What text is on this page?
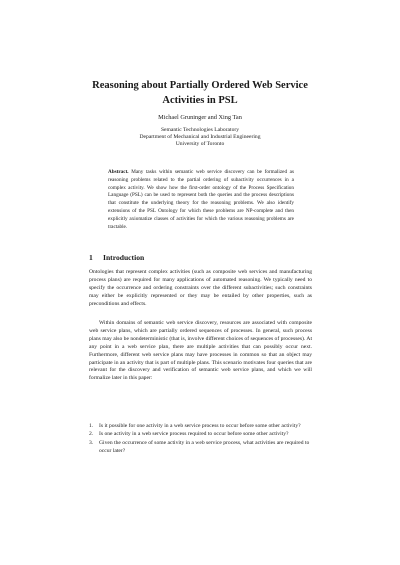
Reasoning about Partially Ordered Web Service
Activities in PSL
Michael Gruninger and Xing Tan
Semantic Technologies Laboratory
Department of Mechanical and Industrial Engineering
University of Toronto
Abstract. Many tasks within semantic web service discovery can be formalized as reasoning problems related to the partial ordering of subactivity occurrences in a complex activity. We show how the first-order ontology of the Process Specification Language (PSL) can be used to represent both the queries and the process descriptions that constitute the underlying theory for the reasoning problems. We also identify extensions of the PSL Ontology for which these problems are NP-complete and then explicitly axiomatize classes of activities for which the various reasoning problems are tractable.
1 Introduction
Ontologies that represent complex activities (such as composite web services and manufacturing process plans) are required for many applications of automated reasoning. We typically need to specify the occurrence and ordering constraints over the different subactivities; such constraints may either be explicitly represented or they may be entailed by other properties, such as preconditions and effects.
Within domains of semantic web service discovery, resources are associated with composite web service plans, which are partially ordered sequences of processes. In general, such process plans may also be nondeterministic (that is, involve different choices of sequences of processes). At any point in a web service plan, there are multiple activities that can possibly occur next. Furthermore, different web service plans may have processes in common so that an object may participate in an activity that is part of multiple plans. This scenario motivates four queries that are relevant for the discovery and verification of semantic web service plans, and which we will formalize later in this paper:
1. Is it possible for one activity in a web service process to occur before some other activity?
2. Is one activity in a web service process required to occur before some other activity?
3. Given the occurrence of some activity in a web service process, what activities are required to occur later?
